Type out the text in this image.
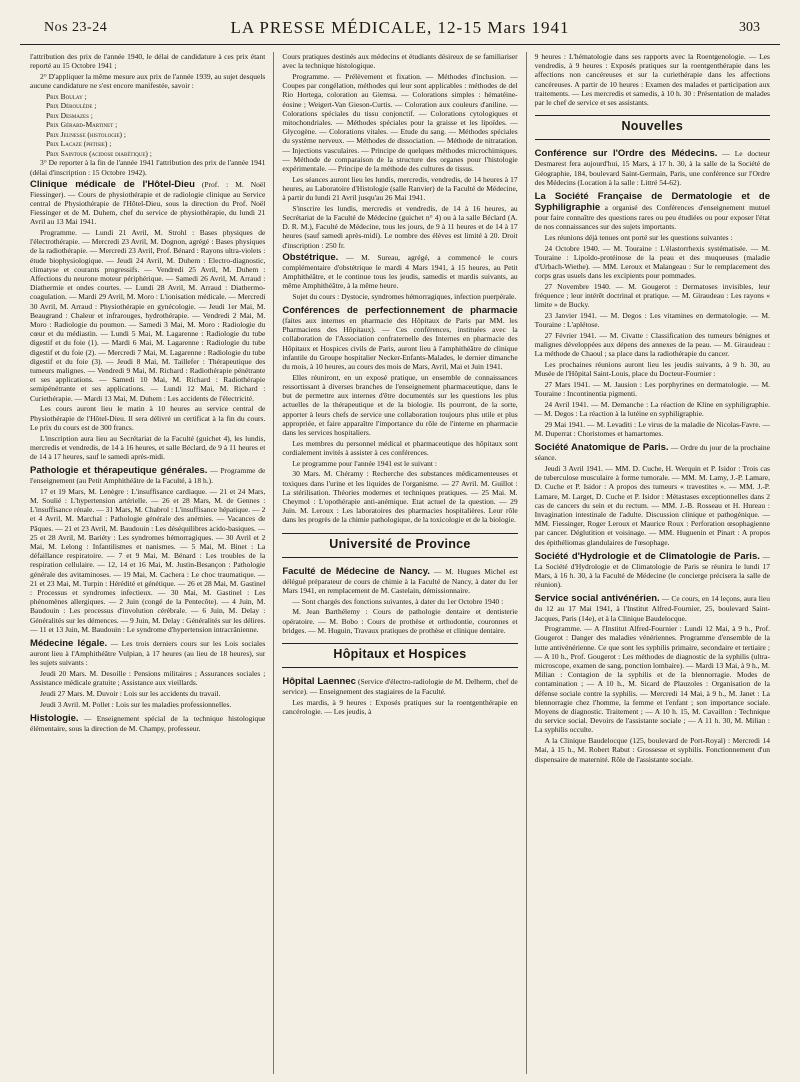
Nos 23-24	LA PRESSE MÉDICALE, 12-15 Mars 1941	303

l'attribution des prix de l'année 1940, le délai de candidature à ces prix étant reporté au 15 Octobre 1941 ;

2° D'appliquer la même mesure aux prix de l'année 1939, au sujet desquels aucune candidature ne s'est encore manifestée, savoir :

Prix Boulay ;
Prix Déroulède ;
Prix Desmazes ;
Prix Gérard-Martinet ;
Prix Jeunesse (histologie) ;
Prix Lacaze (phtisie) ;
Prix Saintour (acidose diabétique) ;

3° De reporter à la fin de l'année 1941 l'attribution des prix de l'année 1941 (délai d'inscription : 15 Octobre 1942).

Clinique médicale de l'Hôtel-Dieu (Prof. : M. Noël Fiessinger). — Cours de physiothérapie et de radiologie clinique au Service central de Physiothérapie de l'Hôtel-Dieu, sous la direction du Prof. Noël Fiessinger et de M. Duhem, chef du service de physiothérapie, du lundi 21 Avril au 13 Mai 1941.

Programme. — Lundi 21 Avril, M. Strohl : Bases physiques de l'électrothérapie. — Mercredi 23 Avril, M. Dognon, agrégé : Bases physiques de la radiothérapie. — Mercredi 23 Avril, Prof. Bénard : Rayons ultra-violets : étude biophysiologique. — Jeudi 24 Avril, M. Duhem : Electro-diagnostic, climatyse et courants progressifs. — Vendredi 25 Avril, M. Duhem : Affections du neurone moteur périphérique. — Samedi 26 Avril, M. Arraud : Diathermie et ondes courtes. — Lundi 28 Avril, M. Arraud : Diathermo-coagulation. — Mardi 29 Avril, M. Moro : L'ionisation médicale. — Mercredi 30 Avril, M. Arraud : Physiothérapie en gynécologie. — Jeudi 1er Mai, M. Beaugrand : Chaleur et infrarouges, hydrothérapie. — Vendredi 2 Mai, M. Moro : Radiologie du poumon. — Samedi 3 Mai, M. Moro : Radiologie du cœur et du médiastin. — Lundi 5 Mai, M. Lagarenne : Radiologie du tube digestif et du foie (1). — Mardi 6 Mai, M. Lagarenne : Radiologie du tube digestif et du foie (2). — Mercredi 7 Mai, M. Lagarenne : Radiologie du tube digestif et du foie (3). — Jeudi 8 Mai, M. Taillefer : Thérapeutique des tumeurs malignes. — Vendredi 9 Mai, M. Richard : Radiothérapie pénétrante et ses applications. — Samedi 10 Mai, M. Richard : Radiothérapie semipénétrante et ses applications. — Lundi 12 Mai, M. Richard : Curiethérapie. — Mardi 13 Mai, M. Duhem : Les accidents de l'électricité.

Les cours auront lieu le matin à 10 heures au service central de Physiothérapie de l'Hôtel-Dieu. Il sera délivré un certificat à la fin du cours. Le prix du cours est de 300 francs.

L'inscription aura lieu au Secrétariat de la Faculté (guichet 4), les lundis, mercredis et vendredis, de 14 à 16 heures, et salle Béclard, de 9 à 11 heures et de 14 à 17 heures, sauf le samedi après-midi.

Pathologie et thérapeutique générales. — Programme de l'enseignement (au Petit Amphithéâtre de la Faculté, à 18 h.).

17 et 19 Mars, M. Lenègre : L'insuffisance cardiaque. — 21 et 24 Mars, M. Soulié : L'hypertension artérielle. — 26 et 28 Mars, M. de Gennes : L'insuffisance rénale. — 31 Mars, M. Chabrol : L'insuffisance hépatique. — 2 et 4 Avril, M. Marchal : Pathologie générale des anémies. — Vacances de Pâques. — 21 et 23 Avril, M. Baudouin : Les déséquilibres acido-basiques. — 25 et 28 Avril, M. Bariéty : Les syndromes hémorragiques. — 30 Avril et 2 Mai, M. Lelong : Infantilismes et nanismes. — 5 Mai, M. Binet : La défaillance respiratoire. — 7 et 9 Mai, M. Bénard : Les troubles de la respiration cellulaire. — 12, 14 et 16 Mai, M. Justin-Besançon : Pathologie générale des avitaminoses. — 19 Mai, M. Cachera : Le choc traumatique. — 21 et 23 Mai, M. Turpin : Hérédité et génétique. — 26 et 28 Mai, M. Gastinel : Processus et syndromes infectieux. — 30 Mai, M. Gastinel : Les phénomènes allergiques. — 2 Juin (congé de la Pentecôte). — 4 Juin, M. Baudouin : Les processus d'involution cérébrale. — 6 Juin, M. Delay : Généralités sur les démences. — 9 Juin, M. Delay : Généralités sur les délires. — 11 et 13 Juin, M. Baudouin : Le syndrome d'hypertension intracrânienne.

Médecine légale. — Les trois derniers cours sur les Lois sociales auront lieu à l'Amphithéâtre Vulpian, à 17 heures (au lieu de 18 heures), sur les sujets suivants :

Jeudi 20 Mars. M. Desoille : Pensions militaires ; Assurances sociales ; Assistance médicale gratuite ; Assistance aux vieillards.

Jeudi 27 Mars. M. Duvoir : Lois sur les accidents du travail.

Jeudi 3 Avril. M. Pollet : Lois sur les maladies professionnelles.

Histologie. — Enseignement spécial de la technique histologique élémentaire, sous la direction de M. Champy, professeur.

Cours pratiques destinés aux médecins et étudiants désireux de se familiariser avec la technique histologique.

Programme. — Prélèvement et fixation. — Méthodes d'inclusion. — Coupes par congélation, méthodes qui leur sont applicables : méthodes de del Rio Hortega, coloration au Giemsa. — Colorations simples : hématéine-éosine ; Weigert-Van Gieson-Curtis. — Coloration aux couleurs d'aniline. — Colorations spéciales du tissu conjonctif. — Colorations cytologiques et mitochondriales. — Méthodes spéciales pour la graisse et les lipoïdes. — Glycogène. — Colorations vitales. — Etude du sang. — Méthodes spéciales du système nerveux. — Méthodes de dissociation. — Méthode de nitratation. — Injections vasculaires. — Principe de quelques méthodes microchimiques. — Méthode de comparaison de la structure des organes pour l'histologie expérimentale. — Principe de la méthode des cultures de tissus.

Les séances auront lieu les lundis, mercredis, vendredis, de 14 heures à 17 heures, au Laboratoire d'Histologie (salle Ranvier) de la Faculté de Médecine, à partir du lundi 21 Avril jusqu'au 26 Mai 1941.

S'inscrire les lundis, mercredis et vendredis, de 14 à 16 heures, au Secrétariat de la Faculté de Médecine (guichet n° 4) ou à la salle Béclard (A. D. R. M.), Faculté de Médecine, tous les jours, de 9 à 11 heures et de 14 à 17 heures (sauf samedi après-midi). Le nombre des élèves est limité à 20. Droit d'inscription : 250 fr.

Obstétrique. — M. Sureau, agrégé, a commencé le cours complémentaire d'obstétrique le mardi 4 Mars 1941, à 15 heures, au Petit Amphithéâtre, et le continue tous les jeudis, samedis et mardis suivants, au même Amphithéâtre, à la même heure.

Sujet du cours : Dystocie, syndromes hémorragiques, infection puerpérale.

Conférences de perfectionnement de pharmacie (faites aux internes en pharmacie des Hôpitaux de Paris par MM. les Pharmaciens des Hôpitaux). — Ces conférences, instituées avec la collaboration de l'Association confraternelle des Internes en pharmacie des Hôpitaux et Hospices civils de Paris, auront lieu à l'amphithéâtre de clinique infantile du Groupe hospitalier Necker-Enfants-Malades, le dernier dimanche du mois, à 10 heures, au cours des mois de Mars, Avril, Mai et Juin 1941.

Elles réuniront, en un exposé pratique, un ensemble de connaissances ressortissant à diverses branches de l'enseignement pharmaceutique, dans le but de permettre aux internes d'être documentés sur les questions les plus actuelles de la thérapeutique et de la biologie. Ils pourront, de la sorte, apporter à leurs chefs de service une collaboration toujours plus utile et plus appropriée, et faire apparaître l'importance du rôle de l'interne en pharmacie dans les services hospitaliers.

Les membres du personnel médical et pharmaceutique des hôpitaux sont cordialement invités à assister à ces conférences.

Le programme pour l'année 1941 est le suivant :

30 Mars. M. Chéramy : Recherche des substances médicamenteuses et toxiques dans l'urine et les liquides de l'organisme. — 27 Avril. M. Guillot : La stérilisation. Théories modernes et techniques pratiques. — 25 Mai. M. Cheymol : L'opothérapie anti-anémique. Etat actuel de la question. — 29 Juin. M. Leroux : Les laboratoires des pharmacies hospitalières. Leur rôle dans les progrès de la chimie pathologique, de la toxicologie et de la biologie.

Université de Province

Faculté de Médecine de Nancy. — M. Hugues Michel est délégué préparateur de cours de chimie à la Faculté de Nancy, à dater du 1er Mars 1941, en remplacement de M. Castelain, démissionnaire.

— Sont chargés des fonctions suivantes, à dater du 1er Octobre 1940 :

M. Jean Barthélemy : Cours de pathologie dentaire et dentisterie opératoire. — M. Bobo : Cours de prothèse et orthodontie, couronnes et bridges. — M. Huguin, Travaux pratiques de prothèse et clinique dentaire.

Hôpitaux et Hospices

Hôpital Laennec (Service d'électro-radiologie de M. Delherm, chef de service). — Enseignement des stagiaires de la Faculté.

Les mardis, à 9 heures : Exposés pratiques sur la roentgenthérapie en cancérologie. — Les jeudis, à

9 heures : L'hématologie dans ses rapports avec la Roentgenologie. — Les vendredis, à 9 heures : Exposés pratiques sur la roentgenthérapie dans les affections non cancéreuses et sur la curiethérapie dans les affections cancéreuses. A partir de 10 heures : Examen des malades et participation aux traitements. — Les mercredis et samedis, à 10 h. 30 : Présentation de malades par le chef de service et ses assistants.

Nouvelles

Conférence sur l'Ordre des Médecins. — Le docteur Desmarest fera aujourd'hui, 15 Mars, à 17 h. 30, à la salle de la Société de Géographie, 184, boulevard Saint-Germain, Paris, une conférence sur l'Ordre des Médecins (Location à la salle : Littré 54-62).

La Société Française de Dermatologie et de Syphiligraphie a organisé des Conférences d'enseignement mutuel pour faire connaître des questions rares ou peu étudiées ou pour exposer l'état de nos connaissances sur des sujets importants.

Les réunions déjà tenues ont porté sur les questions suivantes :

24 Octobre 1940. — M. Touraine : L'élastorrhexis systématisée. — M. Touraine : Lipoïdo-protéinose de la peau et des muqueuses (maladie d'Urbach-Wiethe). — MM. Leroux et Malangeau : Sur le remplacement des corps gras usuels dans les excipients pour pommades.

27 Novembre 1940. — M. Gougerot : Dermatoses invisibles, leur fréquence ; leur intérêt doctrinal et pratique. — M. Giraudeau : Les rayons « limite » de Bucky.

23 Janvier 1941. — M. Degos : Les vitamines en dermatologie. — M. Touraine : L'aplétose.

27 Février 1941. — M. Civatte : Classification des tumeurs bénignes et malignes développées aux dépens des annexes de la peau. — M. Giraudeau : La méthode de Chaoul ; sa place dans la radiothérapie du cancer.

Les prochaines réunions auront lieu les jeudis suivants, à 9 h. 30, au Musée de l'Hôpital Saint-Louis, place du Docteur-Fournier :

27 Mars 1941. — M. Jausion : Les porphyrines en dermatologie. — M. Touraine : Incontinentia pigmenti.

24 Avril 1941. — M. Demanche : La réaction de Kline en syphiligraphie. — M. Degos : La réaction à la lutéine en syphiligraphie.

29 Mai 1941. — M. Levaditi : Le virus de la maladie de Nicolas-Favre. — M. Duperrat : Choristomes et hamartomes.

Société Anatomique de Paris. — Ordre du jour de la prochaine séance.

Jeudi 3 Avril 1941. — MM. D. Cuche, H. Werquin et P. Isidor : Trois cas de tuberculose musculaire à forme tumorale. — MM. M. Lamy, J.-P. Lamare, D. Cuche et P. Isidor : A propos des tumeurs « travestites ». — MM. J.-P. Lamare, M. Larget, D. Cuche et P. Isidor : Métastases exceptionnelles dans 2 cas de cancers du sein et du rectum. — MM. J.-B. Rosseau et H. Hureau : Invagination intestinale de l'adulte. Discussion clinique et pathogénique. — MM. Fiessinger, Roger Leroux et Maurice Roux : Perforation œsophagienne par cancer. Déglutition et voisinage. — MM. Huguenin et Pinart : A propos des épithéliomas glandulaires de l'œsophage.

Société d'Hydrologie et de Climatologie de Paris. — La Société d'Hydrologie et de Climatologie de Paris se réunira le lundi 17 Mars, à 16 h. 30, à la Faculté de Médecine (le concierge précisera la salle de réunion).

Service social antivénérien. — Ce cours, en 14 leçons, aura lieu du 12 au 17 Mai 1941, à l'Institut Alfred-Fournier, 25, boulevard Saint-Jacques, Paris (14e), et à la Clinique Baudelocque.

Programme. — A l'Institut Alfred-Fournier : Lundi 12 Mai, à 9 h., Prof. Gougerot : Danger des maladies vénériennes. Programme d'ensemble de la lutte antivénérienne. Ce que sont les syphilis primaire, secondaire et tertiaire ; — A 10 h., Prof. Gougerot : Les méthodes de diagnostic de la syphilis (ultra-microscope, examen de sang, ponction lombaire). — Mardi 13 Mai, à 9 h., M. Milian : Contagion de la syphilis et de la blennorragie. Modes de contamination ; — A 10 h., M. Sicard de Plauzoles : Organisation de la défense sociale contre la syphilis. — Mercredi 14 Mai, à 9 h., M. Janet : La blennorragie chez l'homme, la femme et l'enfant ; son importance sociale. Moyens de diagnostic. Traitement ; — A 10 h. 15, M. Cavaillon : Technique du service social. Devoirs de l'assistante sociale ; — A 11 h. 30, M. Milian : La syphilis occulte.

A la Clinique Baudelocque (125, boulevard de Port-Royal) : Mercredi 14 Mai, à 15 h., M. Robert Rabut : Grossesse et syphilis. Fonctionnement d'un dispensaire de maternité. Rôle de l'assistante sociale.
